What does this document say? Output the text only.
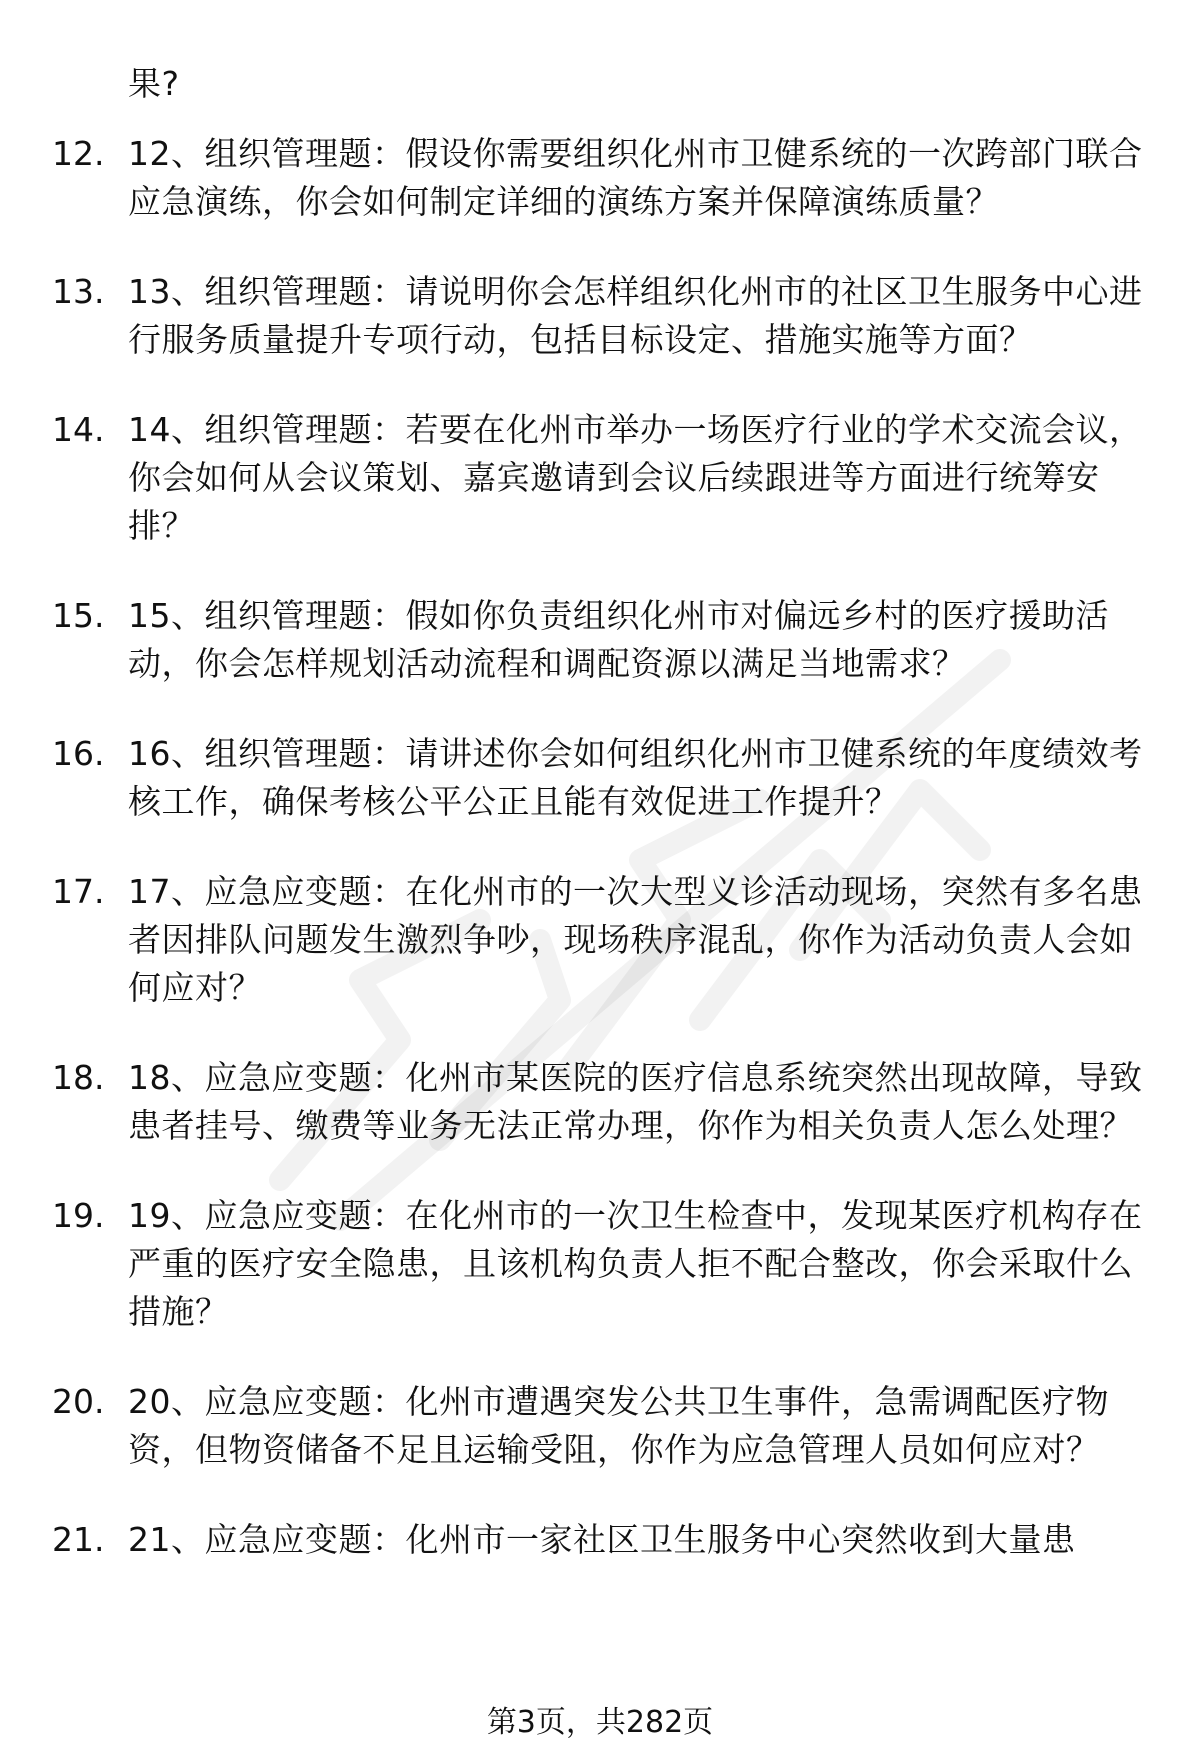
果?
12. 12、组织管理题：假设你需要组织化州市卫健系统的一次跨部门联合应急演练，你会如何制定详细的演练方案并保障演练质量？
13. 13、组织管理题：请说明你会怎样组织化州市的社区卫生服务中心进行服务质量提升专项行动，包括目标设定、措施实施等方面？
14. 14、组织管理题：若要在化州市举办一场医疗行业的学术交流会议，你会如何从会议策划、嘉宾邀请到会议后续跟进等方面进行统筹安排？
15. 15、组织管理题：假如你负责组织化州市对偏远乡村的医疗援助活动，你会怎样规划活动流程和调配资源以满足当地需求？
16. 16、组织管理题：请讲述你会如何组织化州市卫健系统的年度绩效考核工作，确保考核公平公正且能有效促进工作提升？
17. 17、应急应变题：在化州市的一次大型义诊活动现场，突然有多名患者因排队问题发生激烈争吵，现场秩序混乱，你作为活动负责人会如何应对？
18. 18、应急应变题：化州市某医院的医疗信息系统突然出现故障，导致患者挂号、缴费等业务无法正常办理，你作为相关负责人怎么处理？
19. 19、应急应变题：在化州市的一次卫生检查中，发现某医疗机构存在严重的医疗安全隐患，且该机构负责人拒不配合整改，你会采取什么措施？
20. 20、应急应变题：化州市遭遇突发公共卫生事件，急需调配医疗物资，但物资储备不足且运输受阻，你作为应急管理人员如何应对？
21. 21、应急应变题：化州市一家社区卫生服务中心突然收到大量患
第3页，共282页
